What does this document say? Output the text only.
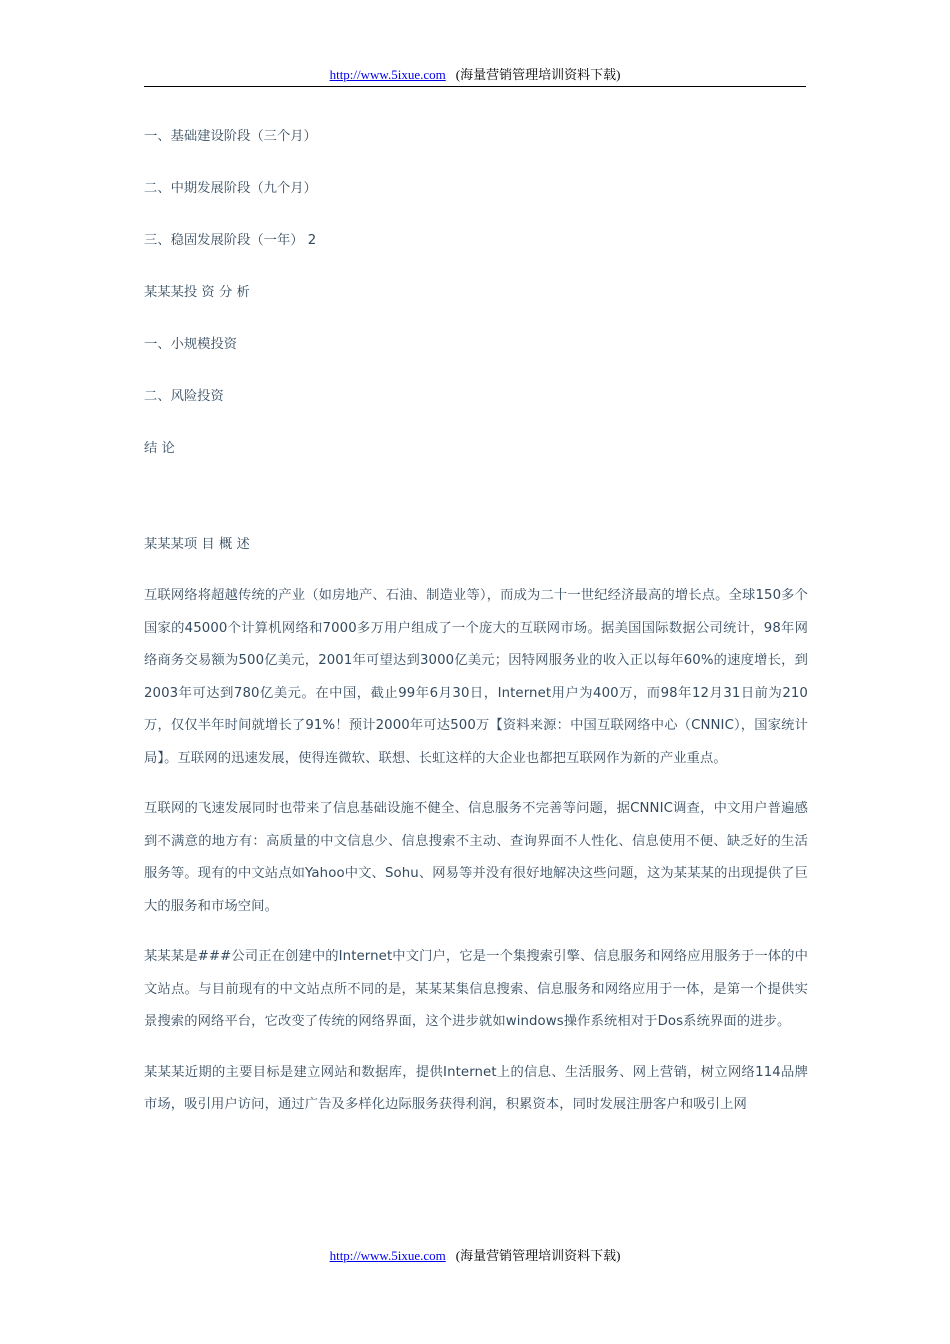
http://www.5ixue.com (海量营销管理培训资料下载)

一、基础建设阶段（三个月）

二、中期发展阶段（九个月）

三、稳固发展阶段（一年） 2

某某某投 资 分 析

一、小规模投资

二、风险投资

结 论

某某某项 目 概 述

互联网络将超越传统的产业（如房地产、石油、制造业等），而成为二十一世纪经济最高的增长点。全球150多个国家的45000个计算机网络和7000多万用户组成了一个庞大的互联网市场。据美国国际数据公司统计，98年网络商务交易额为500亿美元，2001年可望达到3000亿美元；因特网服务业的收入正以每年60%的速度增长，到2003年可达到780亿美元。在中国，截止99年6月30日，Internet用户为400万，而98年12月31日前为210万，仅仅半年时间就增长了91%！预计2000年可达500万【资料来源：中国互联网络中心（CNNIC），国家统计局】。互联网的迅速发展，使得连微软、联想、长虹这样的大企业也都把互联网作为新的产业重点。

互联网的飞速发展同时也带来了信息基础设施不健全、信息服务不完善等问题，据CNNIC调查，中文用户普遍感到不满意的地方有：高质量的中文信息少、信息搜索不主动、查询界面不人性化、信息使用不便、缺乏好的生活服务等。现有的中文站点如Yahoo中文、Sohu、网易等并没有很好地解决这些问题，这为某某某的出现提供了巨大的服务和市场空间。

某某某是###公司正在创建中的Internet中文门户，它是一个集搜索引擎、信息服务和网络应用服务于一体的中文站点。与目前现有的中文站点所不同的是，某某某集信息搜索、信息服务和网络应用于一体，是第一个提供实景搜索的网络平台，它改变了传统的网络界面，这个进步就如windows操作系统相对于Dos系统界面的进步。

某某某近期的主要目标是建立网站和数据库，提供Internet上的信息、生活服务、网上营销，树立网络114品牌市场，吸引用户访问，通过广告及多样化边际服务获得利润，积累资本，同时发展注册客户和吸引上网

http://www.5ixue.com (海量营销管理培训资料下载)
